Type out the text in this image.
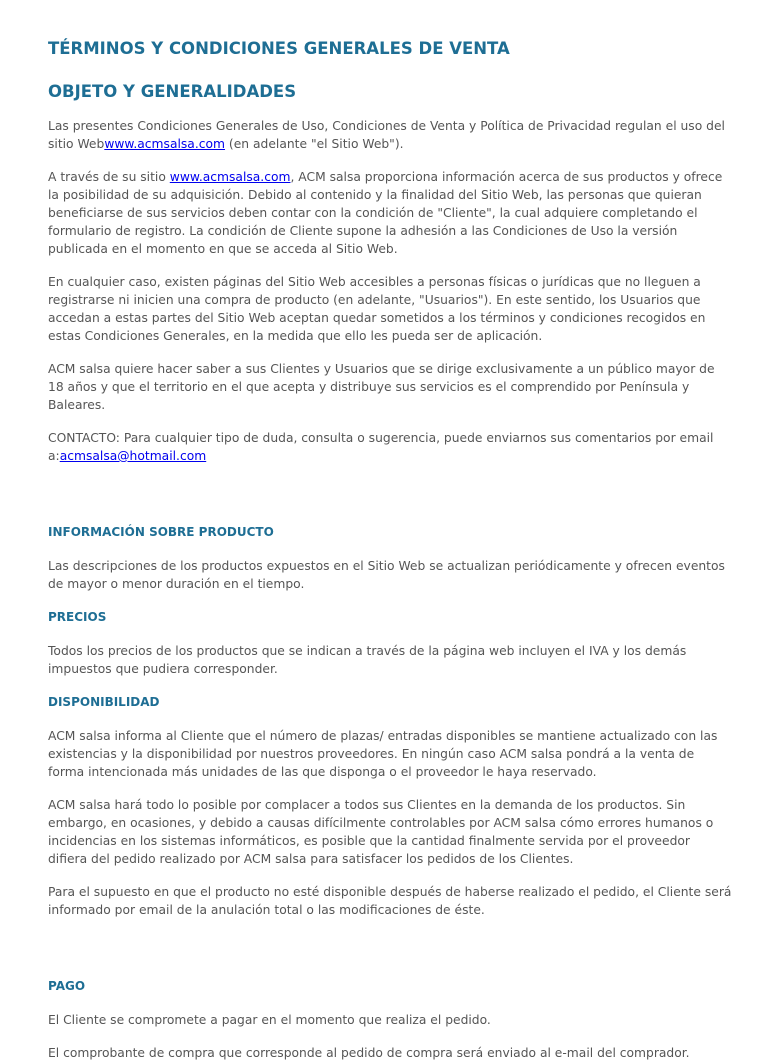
TÉRMINOS Y CONDICIONES GENERALES DE VENTA
OBJETO Y GENERALIDADES

Las presentes Condiciones Generales de Uso, Condiciones de Venta y Política de Privacidad regulan el uso del sitio Webwww.acmsalsa.com (en adelante "el Sitio Web").

A través de su sitio www.acmsalsa.com, ACM salsa proporciona información acerca de sus productos y ofrece la posibilidad de su adquisición. Debido al contenido y la finalidad del Sitio Web, las personas que quieran beneficiarse de sus servicios deben contar con la condición de "Cliente", la cual adquiere completando el formulario de registro. La condición de Cliente supone la adhesión a las Condiciones de Uso la versión publicada en el momento en que se acceda al Sitio Web.

En cualquier caso, existen páginas del Sitio Web accesibles a personas físicas o jurídicas que no lleguen a registrarse ni inicien una compra de producto (en adelante, "Usuarios"). En este sentido, los Usuarios que accedan a estas partes del Sitio Web aceptan quedar sometidos a los términos y condiciones recogidos en estas Condiciones Generales, en la medida que ello les pueda ser de aplicación.

ACM salsa quiere hacer saber a sus Clientes y Usuarios que se dirige exclusivamente a un público mayor de 18 años y que el territorio en el que acepta y distribuye sus servicios es el comprendido por Península y Baleares.

CONTACTO: Para cualquier tipo de duda, consulta o sugerencia, puede enviarnos sus comentarios por email a:acmsalsa@hotmail.com

INFORMACIÓN SOBRE PRODUCTO

Las descripciones de los productos expuestos en el Sitio Web se actualizan periódicamente y ofrecen eventos de mayor o menor duración en el tiempo.

PRECIOS

Todos los precios de los productos que se indican a través de la página web incluyen el IVA y los demás impuestos que pudiera corresponder.

DISPONIBILIDAD

ACM salsa informa al Cliente que el número de plazas/ entradas disponibles se mantiene actualizado con las existencias y la disponibilidad por nuestros proveedores. En ningún caso ACM salsa pondrá a la venta de forma intencionada más unidades de las que disponga o el proveedor le haya reservado.

ACM salsa hará todo lo posible por complacer a todos sus Clientes en la demanda de los productos. Sin embargo, en ocasiones, y debido a causas difícilmente controlables por ACM salsa cómo errores humanos o incidencias en los sistemas informáticos, es posible que la cantidad finalmente servida por el proveedor difiera del pedido realizado por ACM salsa para satisfacer los pedidos de los Clientes.

Para el supuesto en que el producto no esté disponible después de haberse realizado el pedido, el Cliente será informado por email de la anulación total o las modificaciones de éste.

PAGO

El Cliente se compromete a pagar en el momento que realiza el pedido.

El comprobante de compra que corresponde al pedido de compra será enviado al e-mail del comprador.
